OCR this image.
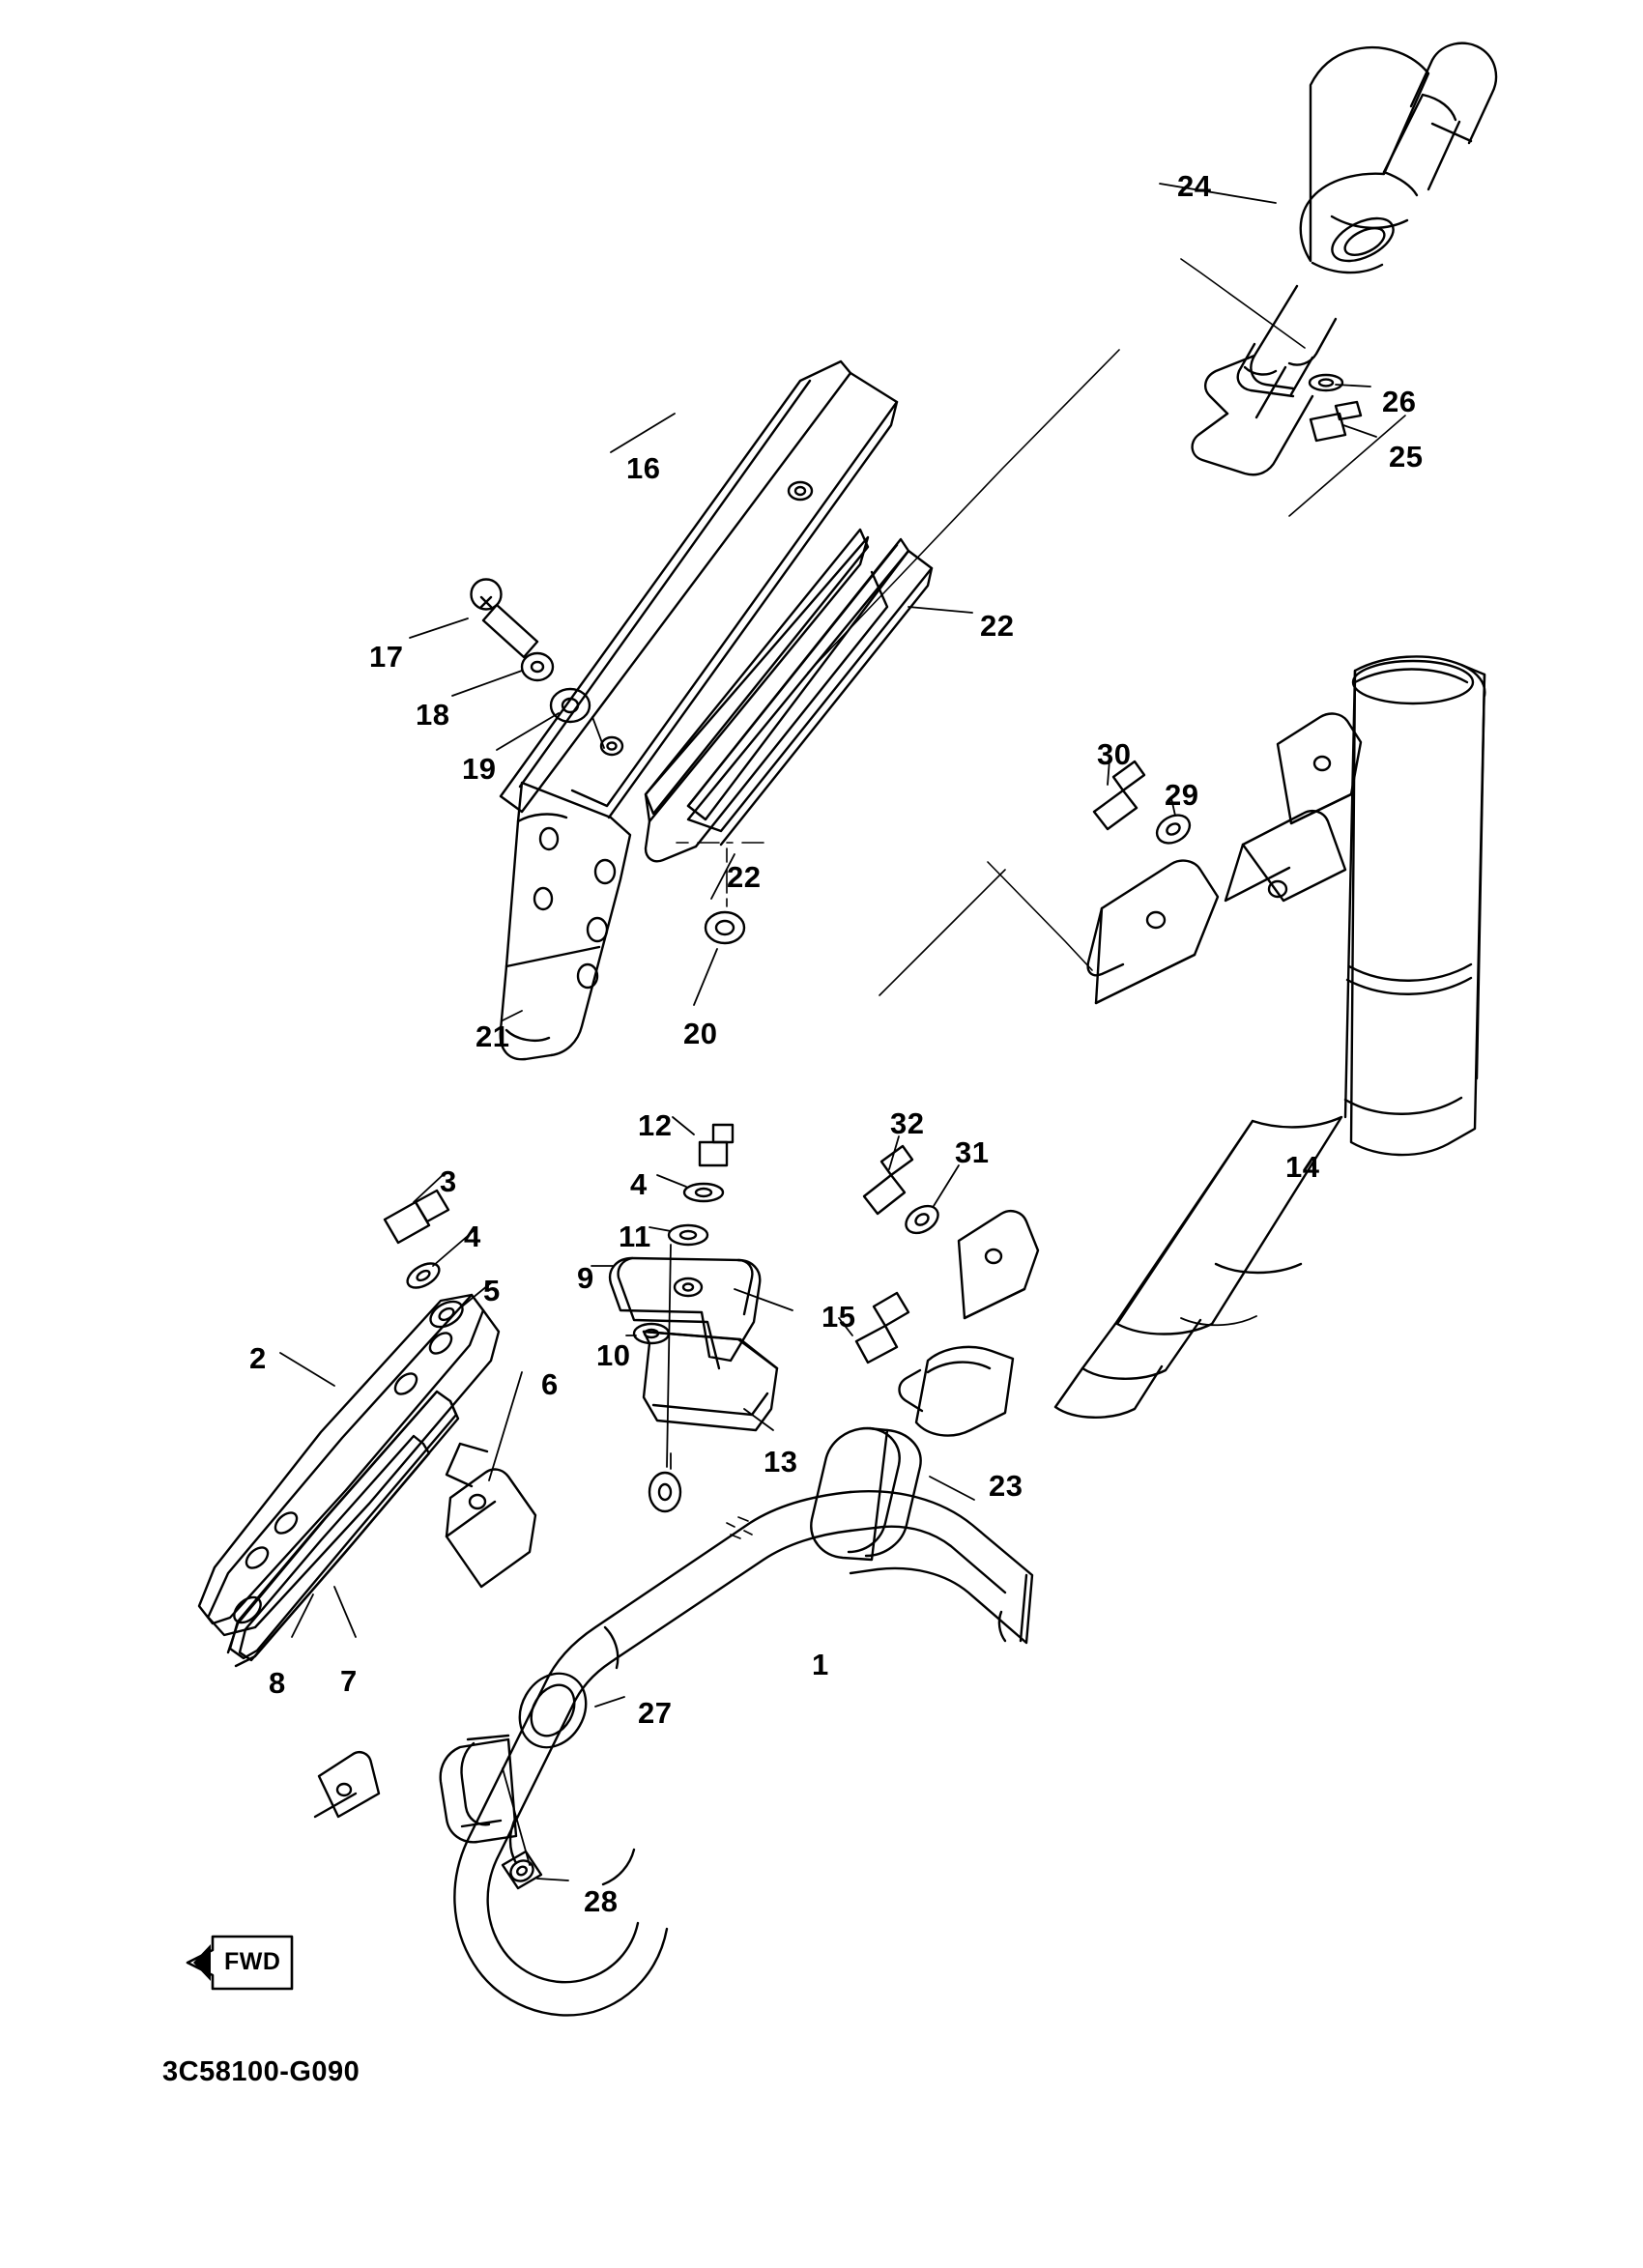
24
26
25
16
22
17
18
19	30
29
22
20
21
14
12	32
31
4
3
11
4
9
5
15
2	10
6
13
23
1
8 7
27
28
FWD
3C58100-G090
